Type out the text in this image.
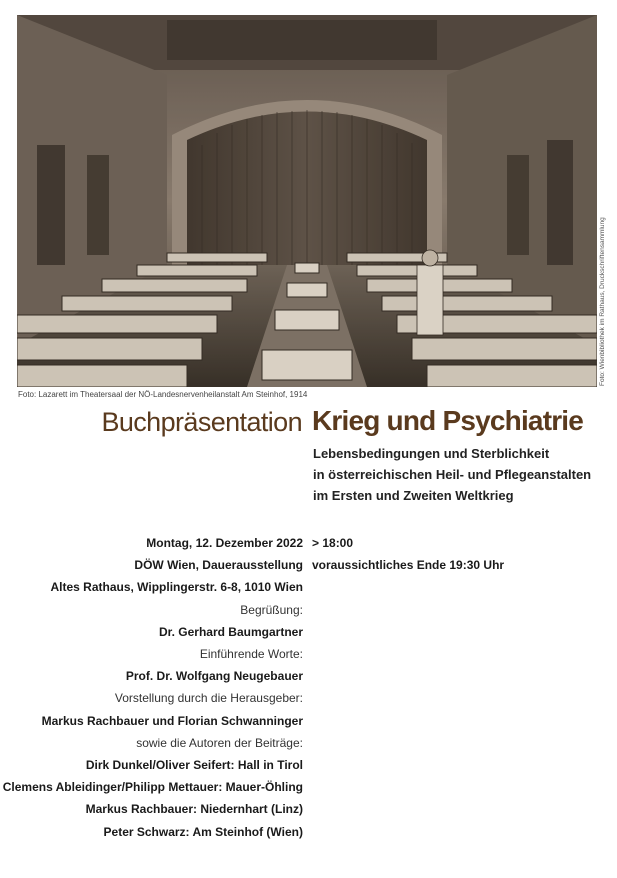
Foto: Wienbibliothek im Rathaus, Druckschriftensammlung
Foto: Lazarett im Theatersaal der NÖ-Landesnervenheilanstalt Am Steinhof, 1914
Buchpräsentation Krieg und Psychiatrie
Lebensbedingungen und Sterblichkeit
in österreichischen Heil- und Pflegeanstalten
im Ersten und Zweiten Weltkrieg
Montag, 12. Dezember 2022
DÖW Wien, Dauerausstellung
Altes Rathaus, Wipplingerstr. 6-8, 1010 Wien
Begrüßung:
Dr. Gerhard Baumgartner
Einführende Worte:
Prof. Dr. Wolfgang Neugebauer
Vorstellung durch die Herausgeber:
Markus Rachbauer und Florian Schwanninger
sowie die Autoren der Beiträge:
Dirk Dunkel/Oliver Seifert: Hall in Tirol
Clemens Ableidinger/Philipp Mettauer: Mauer-Öhling
Markus Rachbauer: Niedernhart (Linz)
Peter Schwarz: Am Steinhof (Wien)
> 18:00
voraussichtliches Ende 19:30 Uhr
